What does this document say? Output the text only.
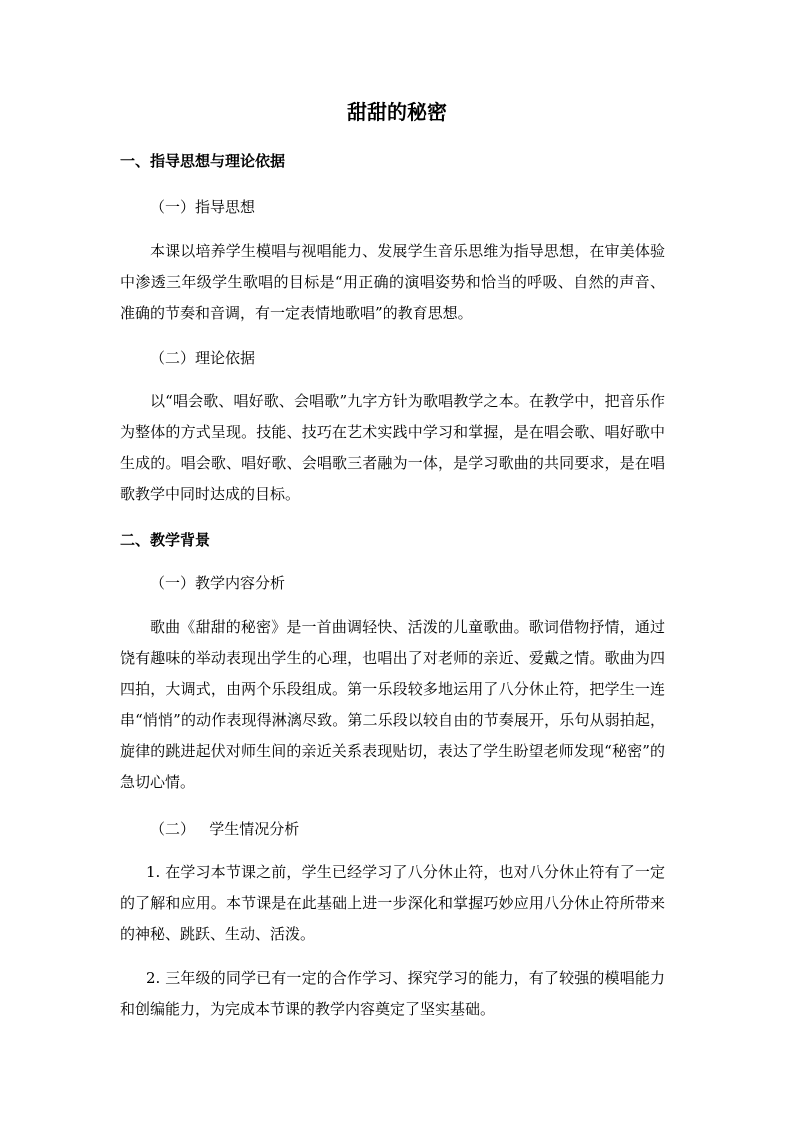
甜甜的秘密
一、指导思想与理论依据
（一）指导思想
本课以培养学生模唱与视唱能力、发展学生音乐思维为指导思想，在审美体验中渗透三年级学生歌唱的目标是“用正确的演唱姿势和恰当的呼吸、自然的声音、准确的节奏和音调，有一定表情地歌唱”的教育思想。
（二）理论依据
以“唱会歌、唱好歌、会唱歌”九字方针为歌唱教学之本。在教学中，把音乐作为整体的方式呈现。技能、技巧在艺术实践中学习和掌握，是在唱会歌、唱好歌中生成的。唱会歌、唱好歌、会唱歌三者融为一体，是学习歌曲的共同要求，是在唱歌教学中同时达成的目标。
二、教学背景
（一）教学内容分析
歌曲《甜甜的秘密》是一首曲调轻快、活泼的儿童歌曲。歌词借物抒情，通过饶有趣味的举动表现出学生的心理，也唱出了对老师的亲近、爱戴之情。歌曲为四四拍，大调式，由两个乐段组成。第一乐段较多地运用了八分休止符，把学生一连串“悄悄”的动作表现得淋漓尽致。第二乐段以较自由的节奏展开，乐句从弱拍起，旋律的跳进起伏对师生间的亲近关系表现贴切，表达了学生盼望老师发现“秘密”的急切心情。
（二）   学生情况分析
1. 在学习本节课之前，学生已经学习了八分休止符，也对八分休止符有了一定的了解和应用。本节课是在此基础上进一步深化和掌握巧妙应用八分休止符所带来的神秘、跳跃、生动、活泼。
2. 三年级的同学已有一定的合作学习、探究学习的能力，有了较强的模唱能力和创编能力，为完成本节课的教学内容奠定了坚实基础。
